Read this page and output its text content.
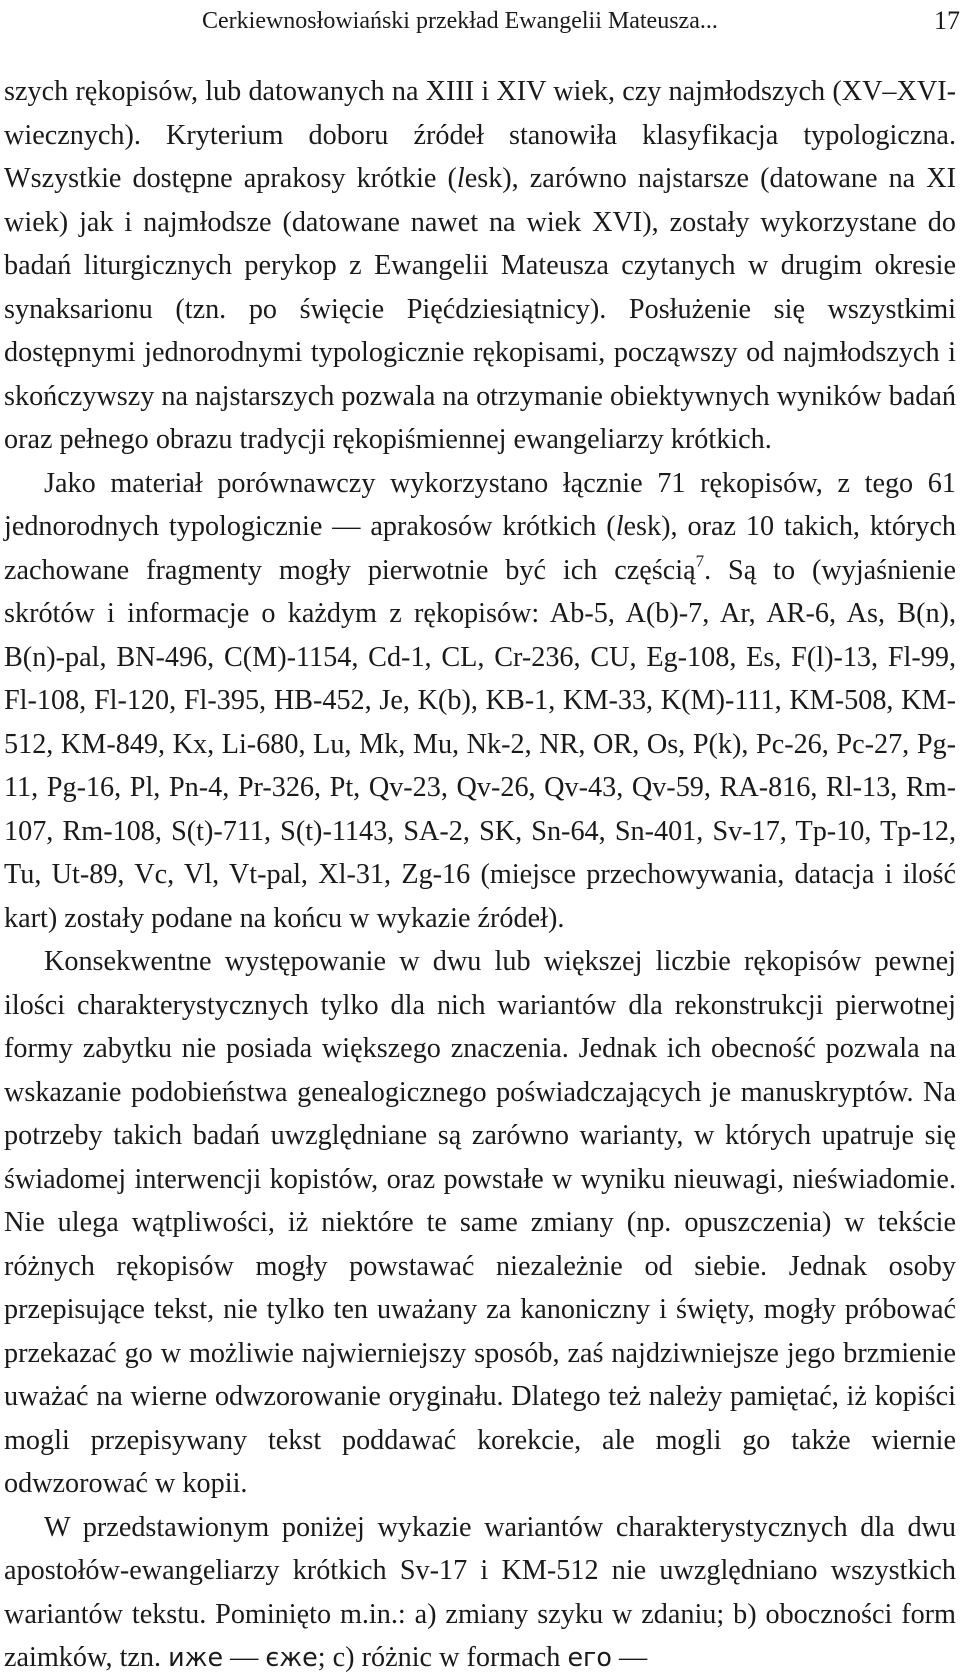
Cerkiewnosłowiański przekład Ewangelii Mateusza...	17

szych rękopisów, lub datowanych na XIII i XIV wiek, czy najmłodszych (XV–XVI-wiecznych). Kryterium doboru źródeł stanowiła klasyfikacja typologiczna. Wszystkie dostępne aprakosy krótkie (lesk), zarówno najstarsze (datowane na XI wiek) jak i najmłodsze (datowane nawet na wiek XVI), zostały wykorzystane do badań liturgicznych perykop z Ewangelii Mateusza czytanych w drugim okresie synaksarionu (tzn. po święcie Pięćdziesiątnicy). Posłużenie się wszystkimi dostępnymi jednorodnymi typologicznie rękopisami, począwszy od najmłodszych i skończywszy na najstarszych pozwala na otrzymanie obiektywnych wyników badań oraz pełnego obrazu tradycji rękopiśmiennej ewangeliarzy krótkich.

Jako materiał porównawczy wykorzystano łącznie 71 rękopisów, z tego 61 jednorodnych typologicznie — aprakosów krótkich (lesk), oraz 10 takich, których zachowane fragmenty mogły pierwotnie być ich częścią$^7$. Są to (wyjaśnienie skrótów i informacje o każdym z rękopisów: Ab-5, A(b)-7, Ar, AR-6, As, B(n), B(n)-pal, BN-496, C(M)-1154, Cd-1, CL, Cr-236, CU, Eg-108, Es, F(l)-13, Fl-99, Fl-108, Fl-120, Fl-395, HB-452, Je, K(b), KB-1, KM-33, K(M)-111, KM-508, KM-512, KM-849, Kx, Li-680, Lu, Mk, Mu, Nk-2, NR, OR, Os, P(k), Pc-26, Pc-27, Pg-11, Pg-16, Pl, Pn-4, Pr-326, Pt, Qv-23, Qv-26, Qv-43, Qv-59, RA-816, Rl-13, Rm-107, Rm-108, S(t)-711, S(t)-1143, SA-2, SK, Sn-64, Sn-401, Sv-17, Tp-10, Tp-12, Tu, Ut-89, Vc, Vl, Vt-pal, Xl-31, Zg-16 (miejsce przechowywania, datacja i ilość kart) zostały podane na końcu w wykazie źródeł).

Konsekwentne występowanie w dwu lub większej liczbie rękopisów pewnej ilości charakterystycznych tylko dla nich wariantów dla rekonstrukcji pierwotnej formy zabytku nie posiada większego znaczenia. Jednak ich obecność pozwala na wskazanie podobieństwa genealogicznego poświadczających je manuskryptów. Na potrzeby takich badań uwzględniane są zarówno warianty, w których upatruje się świadomej interwencji kopistów, oraz powstałe w wyniku nieuwagi, nieświadomie. Nie ulega wątpliwości, iż niektóre te same zmiany (np. opuszczenia) w tekście różnych rękopisów mogły powstawać niezależnie od siebie. Jednak osoby przepisujące tekst, nie tylko ten uważany za kanoniczny i święty, mogły próbować przekazać go w możliwie najwierniejszy sposób, zaś najdziwniejsze jego brzmienie uważać na wierne odwzorowanie oryginału. Dlatego też należy pamiętać, iż kopiści mogli przepisywany tekst poddawać korekcie, ale mogli go także wiernie odwzorować w kopii.

W przedstawionym poniżej wykazie wariantów charakterystycznych dla dwu apostołów-ewangeliarzy krótkich Sv-17 i KM-512 nie uwzględniano wszystkich wariantów tekstu. Pominięto m.in.: a) zmiany szyku w zdaniu; b) oboczności form zaimków, tzn. иже — єже; c) różnic w formach его —
